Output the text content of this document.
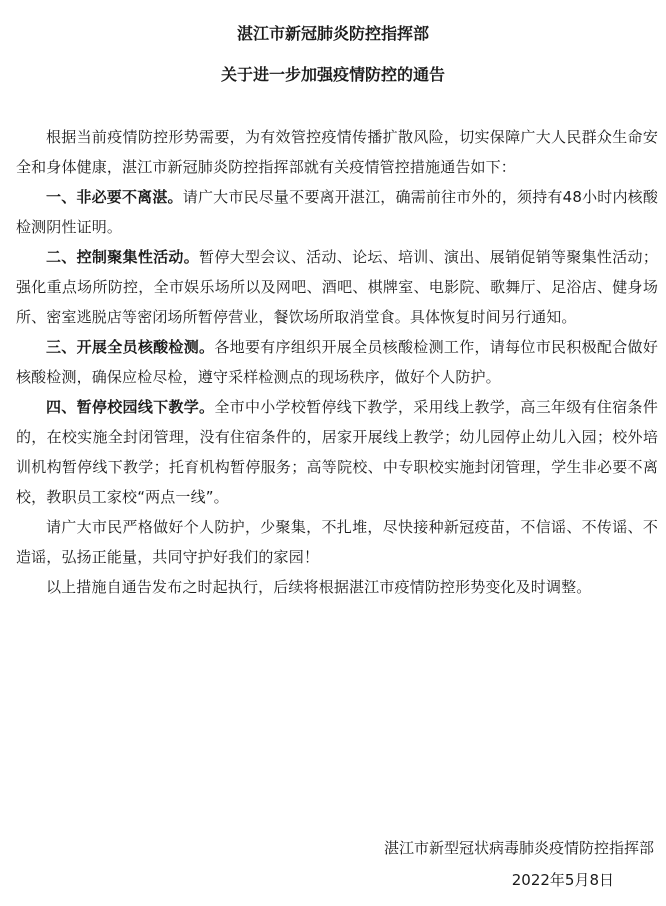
湛江市新冠肺炎防控指挥部
关于进一步加强疫情防控的通告

根据当前疫情防控形势需要，为有效管控疫情传播扩散风险，切实保障广大人民群众生命安全和身体健康，湛江市新冠肺炎防控指挥部就有关疫情管控措施通告如下：

一、非必要不离湛。请广大市民尽量不要离开湛江，确需前往市外的，须持有48小时内核酸检测阴性证明。

二、控制聚集性活动。暂停大型会议、活动、论坛、培训、演出、展销促销等聚集性活动；强化重点场所防控，全市娱乐场所以及网吧、酒吧、棋牌室、电影院、歌舞厅、足浴店、健身场所、密室逃脱店等密闭场所暂停营业，餐饮场所取消堂食。具体恢复时间另行通知。

三、开展全员核酸检测。各地要有序组织开展全员核酸检测工作，请每位市民积极配合做好核酸检测，确保应检尽检，遵守采样检测点的现场秩序，做好个人防护。

四、暂停校园线下教学。全市中小学校暂停线下教学，采用线上教学，高三年级有住宿条件的，在校实施全封闭管理，没有住宿条件的，居家开展线上教学；幼儿园停止幼儿入园；校外培训机构暂停线下教学；托育机构暂停服务；高等院校、中专职校实施封闭管理，学生非必要不离校，教职员工家校“两点一线”。

请广大市民严格做好个人防护，少聚集，不扎堆，尽快接种新冠疫苗，不信谣、不传谣、不造谣，弘扬正能量，共同守护好我们的家园！

以上措施自通告发布之时起执行，后续将根据湛江市疫情防控形势变化及时调整。

湛江市新型冠状病毒肺炎疫情防控指挥部
2022年5月8日
